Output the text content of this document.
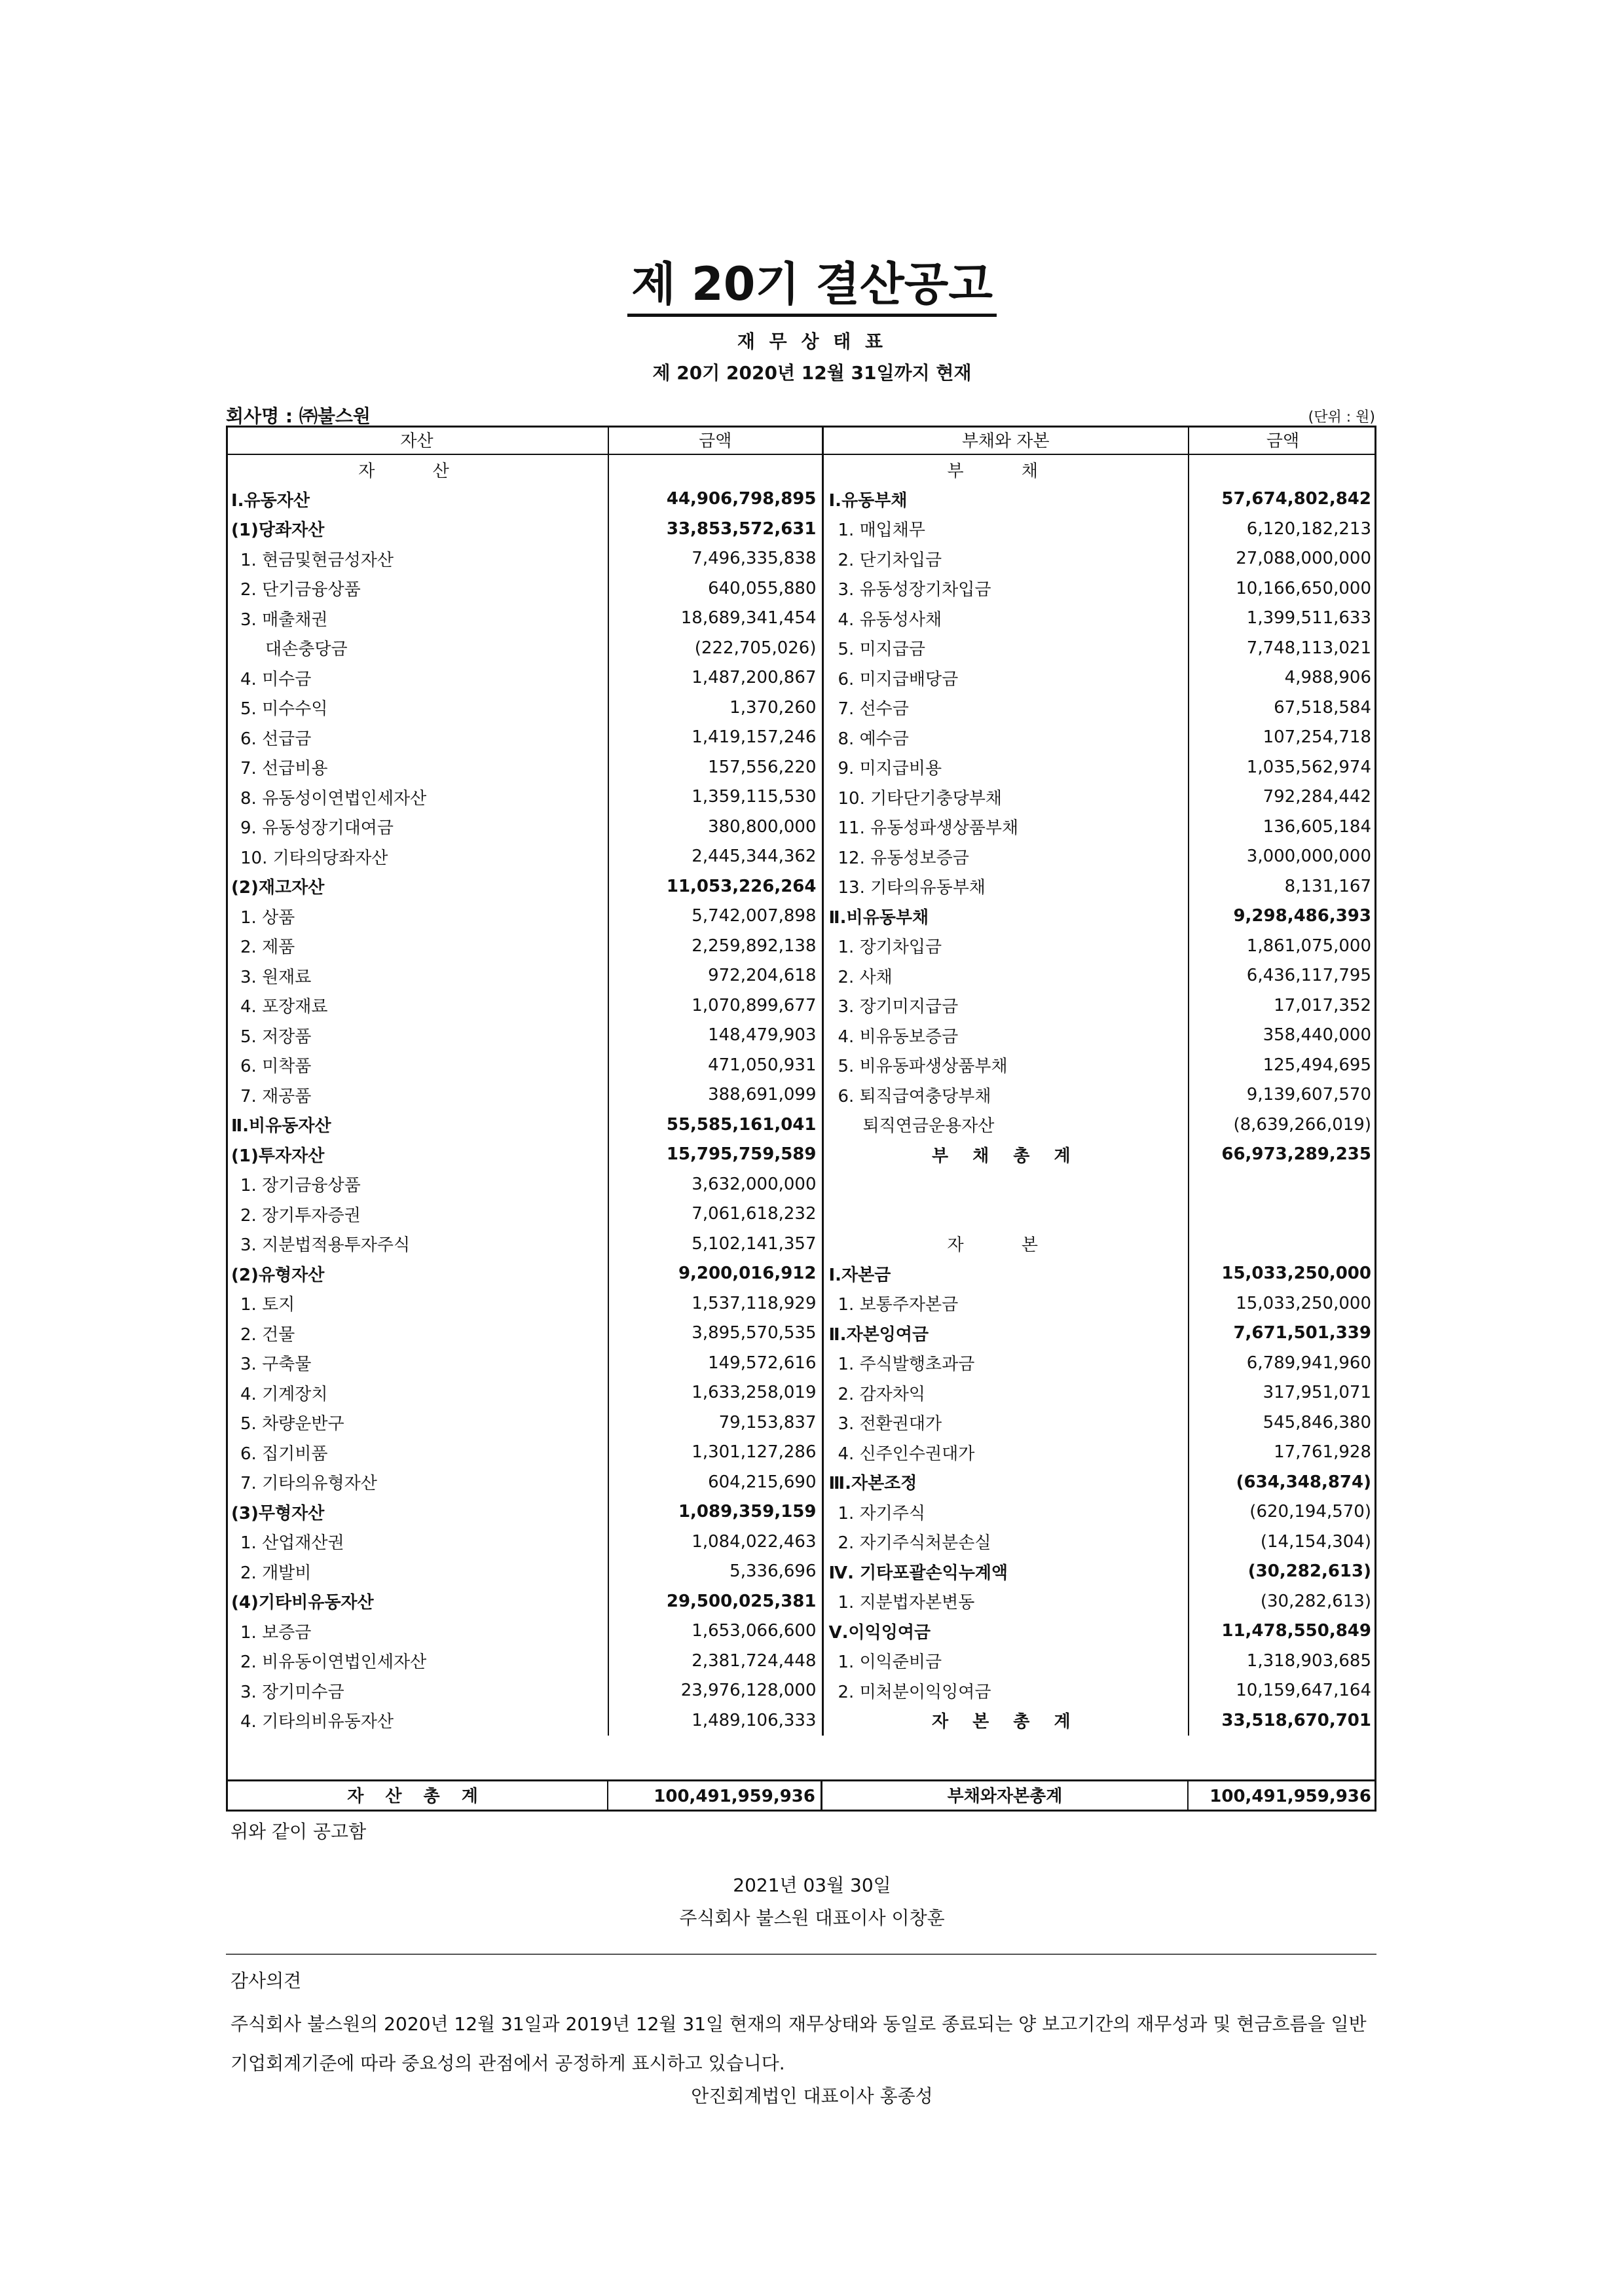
제 20기 결산공고
재 무 상 태 표
제 20기 2020년 12월 31일까지 현재
회사명 : ㈜불스원	(단위 : 원)
자산	금액	부채와 자본	금액
자 산		부 채	
Ⅰ.유동자산	44,906,798,895	Ⅰ.유동부채	57,674,802,842
(1)당좌자산	33,853,572,631	1. 매입채무	6,120,182,213
1. 현금및현금성자산	7,496,335,838	2. 단기차입금	27,088,000,000
2. 단기금융상품	640,055,880	3. 유동성장기차입금	10,166,650,000
3. 매출채권	18,689,341,454	4. 유동성사채	1,399,511,633
대손충당금	(222,705,026)	5. 미지급금	7,748,113,021
4. 미수금	1,487,200,867	6. 미지급배당금	4,988,906
5. 미수수익	1,370,260	7. 선수금	67,518,584
6. 선급금	1,419,157,246	8. 예수금	107,254,718
7. 선급비용	157,556,220	9. 미지급비용	1,035,562,974
8. 유동성이연법인세자산	1,359,115,530	10. 기타단기충당부채	792,284,442
9. 유동성장기대여금	380,800,000	11. 유동성파생상품부채	136,605,184
10. 기타의당좌자산	2,445,344,362	12. 유동성보증금	3,000,000,000
(2)재고자산	11,053,226,264	13. 기타의유동부채	8,131,167
1. 상품	5,742,007,898	Ⅱ.비유동부채	9,298,486,393
2. 제품	2,259,892,138	1. 장기차입금	1,861,075,000
3. 원재료	972,204,618	2. 사채	6,436,117,795
4. 포장재료	1,070,899,677	3. 장기미지급금	17,017,352
5. 저장품	148,479,903	4. 비유동보증금	358,440,000
6. 미착품	471,050,931	5. 비유동파생상품부채	125,494,695
7. 재공품	388,691,099	6. 퇴직급여충당부채	9,139,607,570
Ⅱ.비유동자산	55,585,161,041	퇴직연금운용자산	(8,639,266,019)
(1)투자자산	15,795,759,589	부 채 총 계	66,973,289,235
1. 장기금융상품	3,632,000,000		
2. 장기투자증권	7,061,618,232		
3. 지분법적용투자주식	5,102,141,357	자 본	
(2)유형자산	9,200,016,912	Ⅰ.자본금	15,033,250,000
1. 토지	1,537,118,929	1. 보통주자본금	15,033,250,000
2. 건물	3,895,570,535	Ⅱ.자본잉여금	7,671,501,339
3. 구축물	149,572,616	1. 주식발행초과금	6,789,941,960
4. 기계장치	1,633,258,019	2. 감자차익	317,951,071
5. 차량운반구	79,153,837	3. 전환권대가	545,846,380
6. 집기비품	1,301,127,286	4. 신주인수권대가	17,761,928
7. 기타의유형자산	604,215,690	Ⅲ.자본조정	(634,348,874)
(3)무형자산	1,089,359,159	1. 자기주식	(620,194,570)
1. 산업재산권	1,084,022,463	2. 자기주식처분손실	(14,154,304)
2. 개발비	5,336,696	Ⅳ. 기타포괄손익누계액	(30,282,613)
(4)기타비유동자산	29,500,025,381	1. 지분법자본변동	(30,282,613)
1. 보증금	1,653,066,600	Ⅴ.이익잉여금	11,478,550,849
2. 비유동이연법인세자산	2,381,724,448	1. 이익준비금	1,318,903,685
3. 장기미수금	23,976,128,000	2. 미처분이익잉여금	10,159,647,164
4. 기타의비유동자산	1,489,106,333	자 본 총 계	33,518,670,701
자 산 총 계	100,491,959,936	부채와자본총계	100,491,959,936
위와 같이 공고함
2021년 03월 30일
주식회사 불스원 대표이사 이창훈
감사의견
주식회사 불스원의 2020년 12월 31일과 2019년 12월 31일 현재의 재무상태와 동일로 종료되는 양 보고기간의 재무성과 및 현금흐름을 일반 기업회계기준에 따라 중요성의 관점에서 공정하게 표시하고 있습니다.
안진회계법인 대표이사 홍종성
